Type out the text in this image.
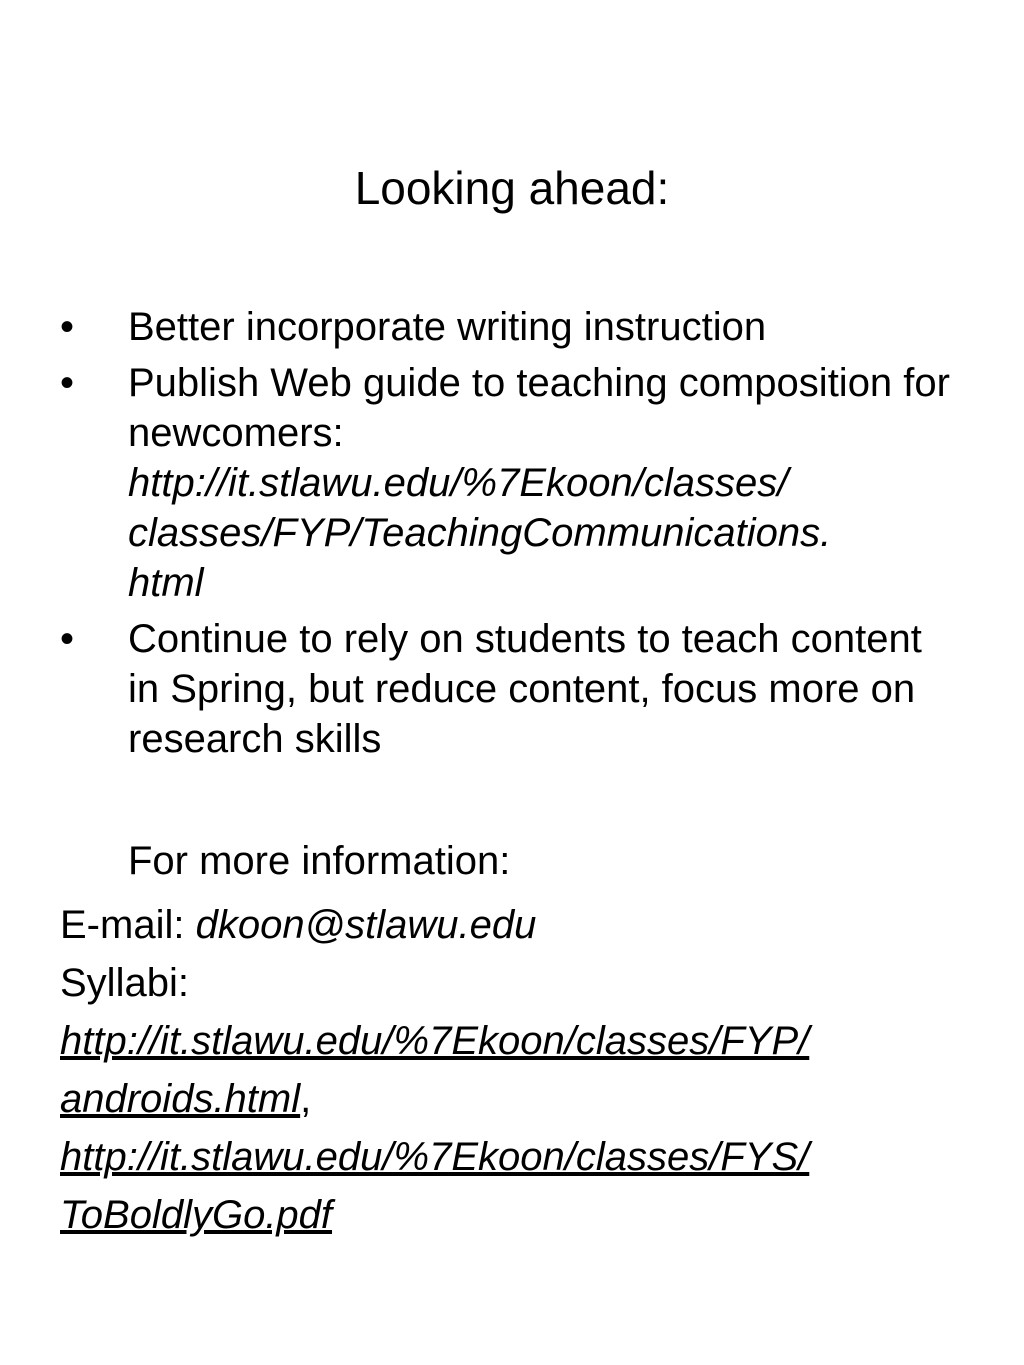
Looking ahead:
•	Better incorporate writing instruction
•	Publish Web guide to teaching composition for newcomers:
http://it.stlawu.edu/%7Ekoon/classes/
classes/FYP/TeachingCommunications.
html
•	Continue to rely on students to teach content in Spring, but reduce content, focus more on research skills
For more information:
E-mail: dkoon@stlawu.edu
Syllabi:
http://it.stlawu.edu/%7Ekoon/classes/FYP/
androids.html,
http://it.stlawu.edu/%7Ekoon/classes/FYS/
ToBoldlyGo.pdf
